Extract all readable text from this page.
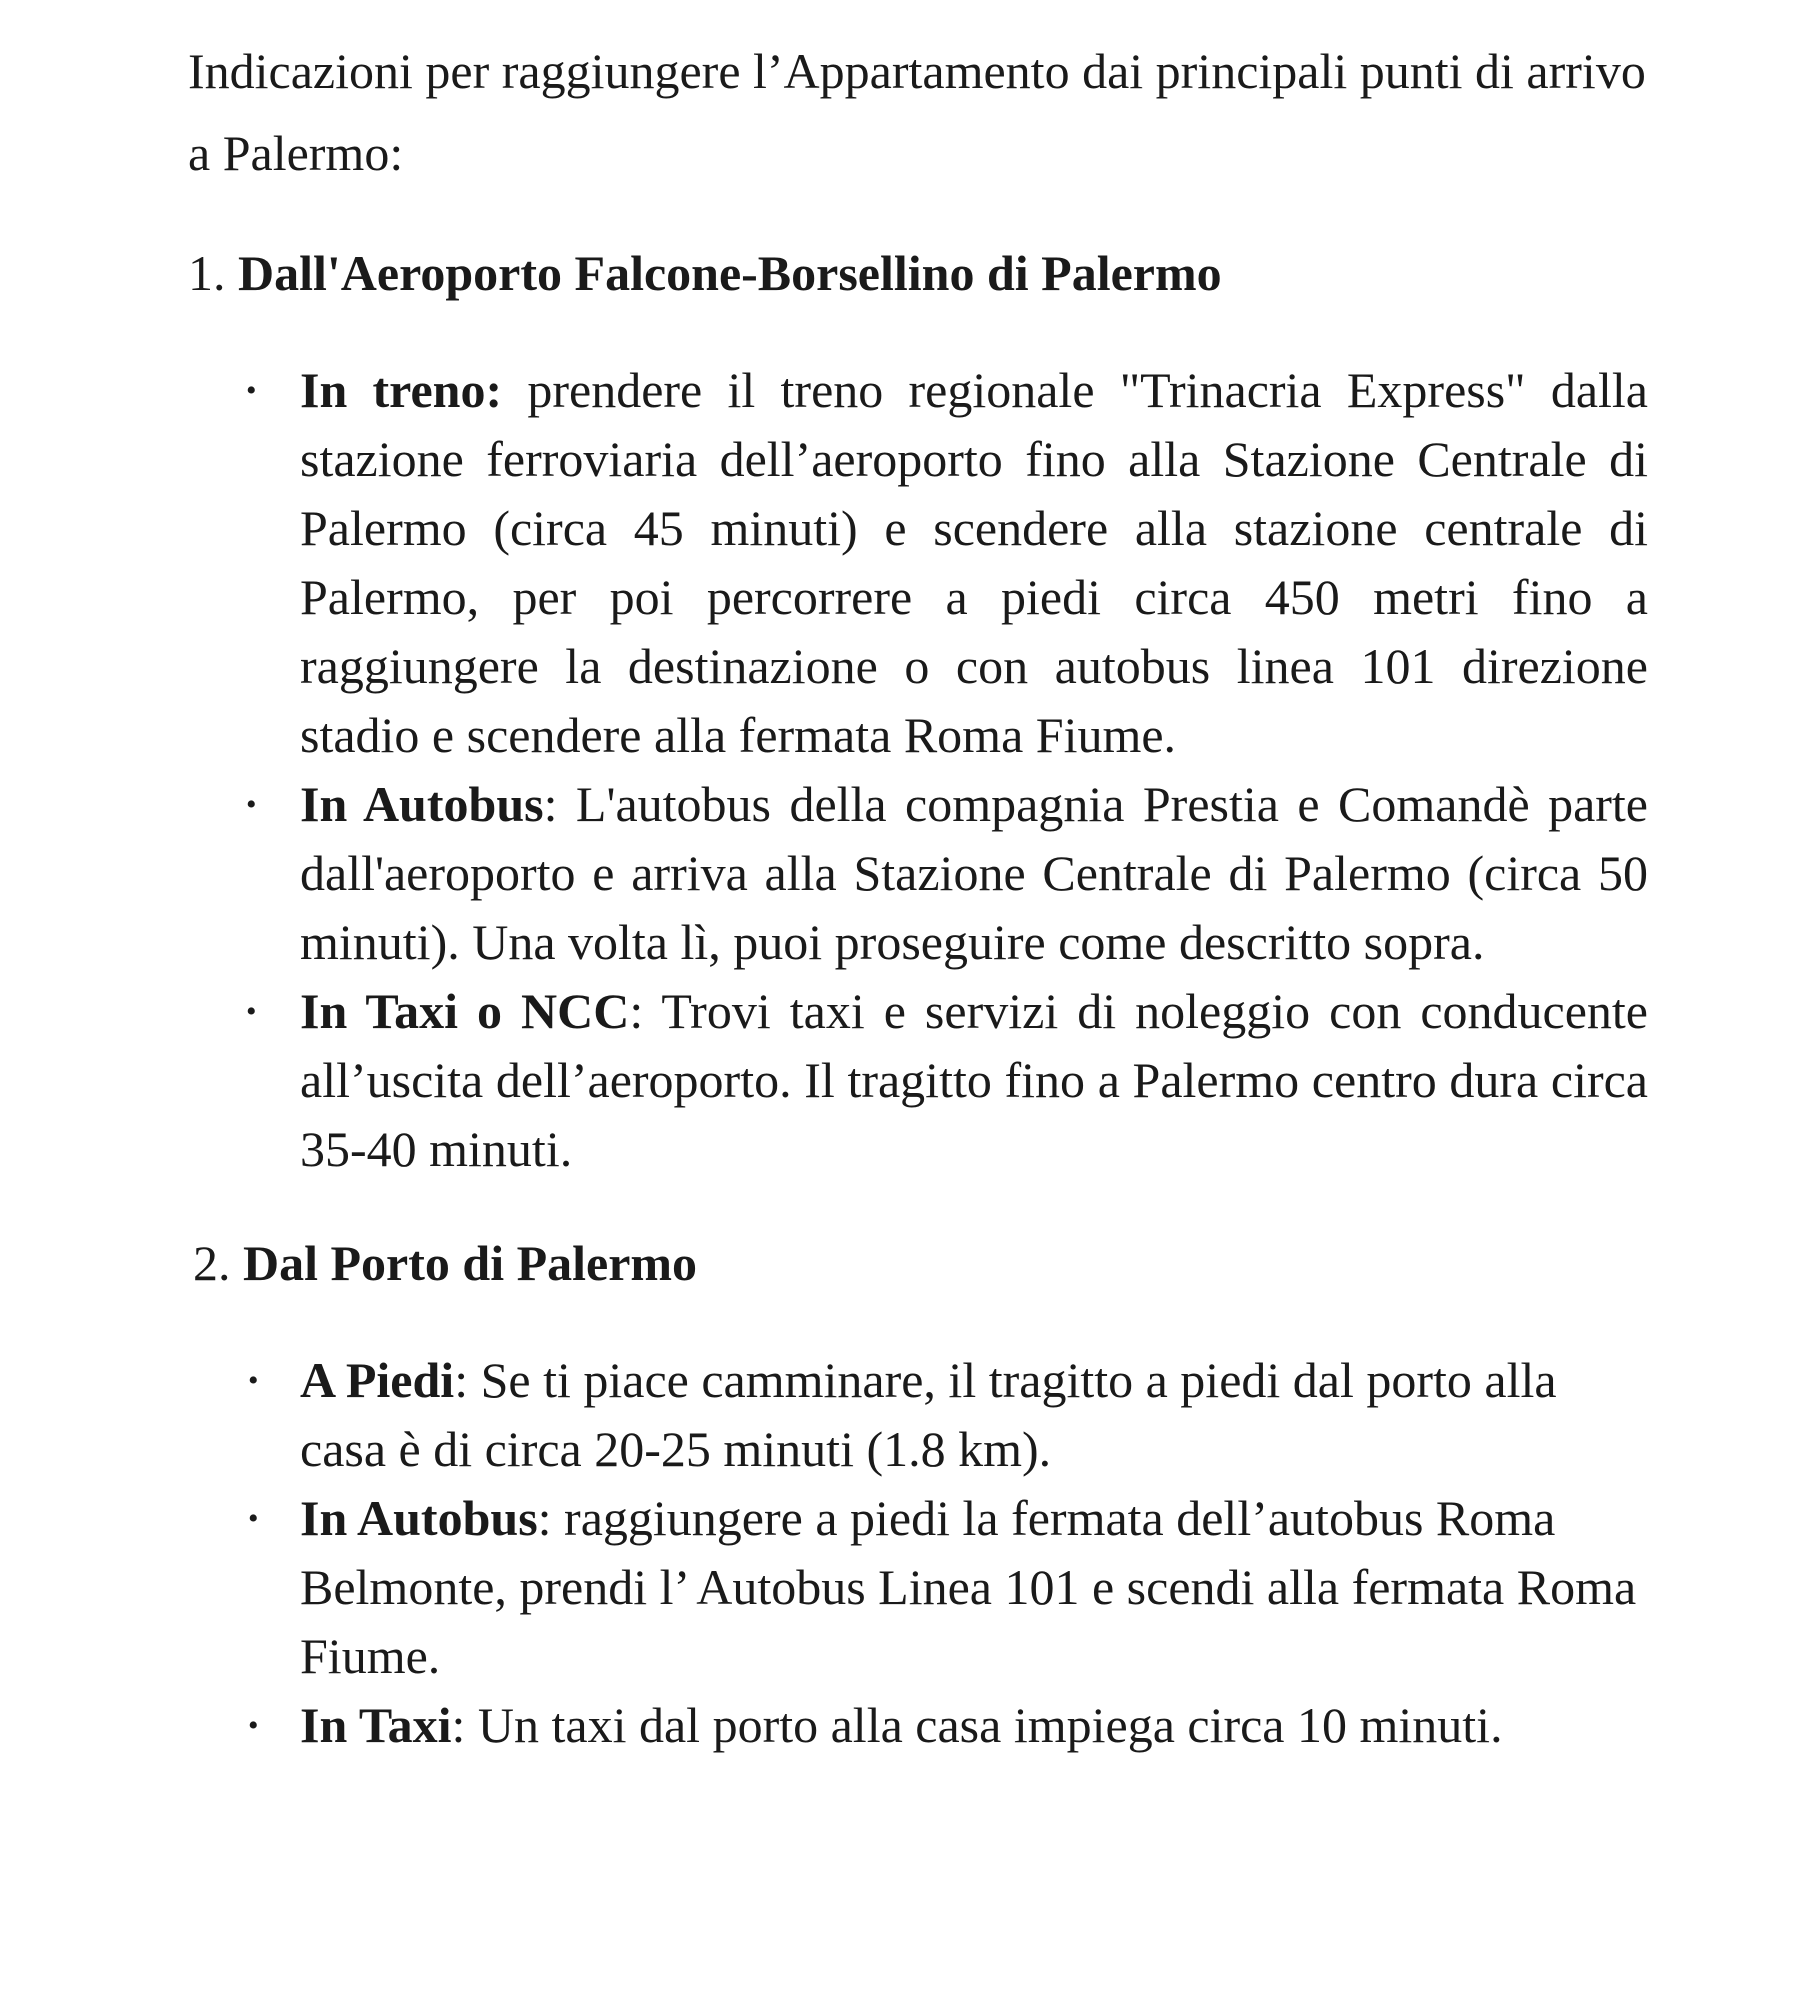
Indicazioni per raggiungere l’Appartamento dai principali punti di arrivo a Palermo:

1. Dall'Aeroporto Falcone-Borsellino di Palermo

• In treno: prendere il treno regionale "Trinacria Express" dalla stazione ferroviaria dell’aeroporto fino alla Stazione Centrale di Palermo (circa 45 minuti) e scendere alla stazione centrale di Palermo, per poi percorrere a piedi circa 450 metri fino a raggiungere la destinazione o con autobus linea 101 direzione stadio e scendere alla fermata Roma Fiume.
• In Autobus: L'autobus della compagnia Prestia e Comandè parte dall'aeroporto e arriva alla Stazione Centrale di Palermo (circa 50 minuti). Una volta lì, puoi proseguire come descritto sopra.
• In Taxi o NCC: Trovi taxi e servizi di noleggio con conducente all’uscita dell’aeroporto. Il tragitto fino a Palermo centro dura circa 35-40 minuti.

2. Dal Porto di Palermo

• A Piedi: Se ti piace camminare, il tragitto a piedi dal porto alla casa è di circa 20-25 minuti (1.8 km).
• In Autobus: raggiungere a piedi la fermata dell’autobus Roma Belmonte, prendi l’ Autobus Linea 101 e scendi alla fermata Roma Fiume.
• In Taxi: Un taxi dal porto alla casa impiega circa 10 minuti.
